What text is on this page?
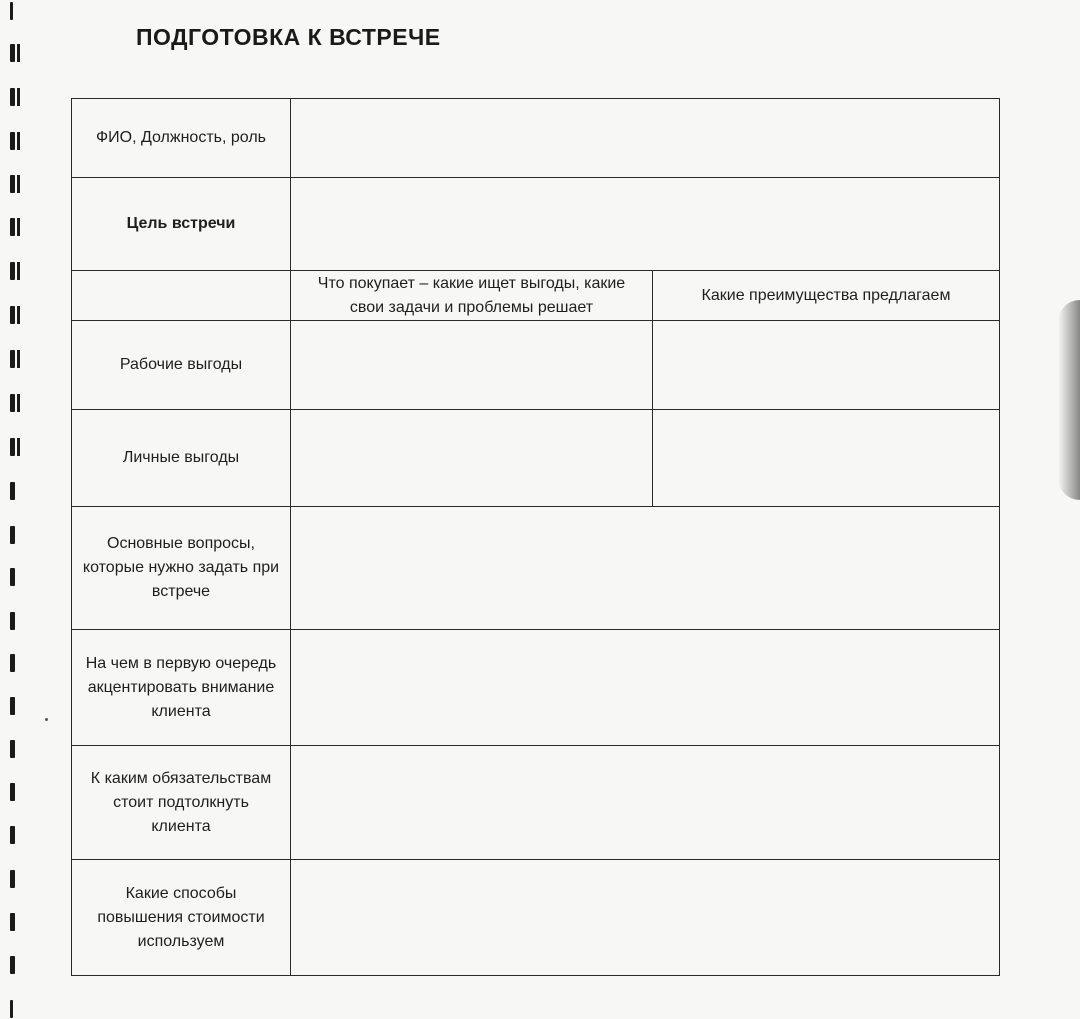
ПОДГОТОВКА К ВСТРЕЧЕ
ФИО, Должность, роль		
Цель встречи		
	Что покупает – какие ищет выгоды, какие свои задачи и проблемы решает	Какие преимущества предлагаем
Рабочие выгоды		
Личные выгоды		
Основные вопросы, которые нужно задать при встрече		
На чем в первую очередь акцентировать внимание клиента		
К каким обязательствам стоит подтолкнуть клиента		
Какие способы повышения стоимости используем		
